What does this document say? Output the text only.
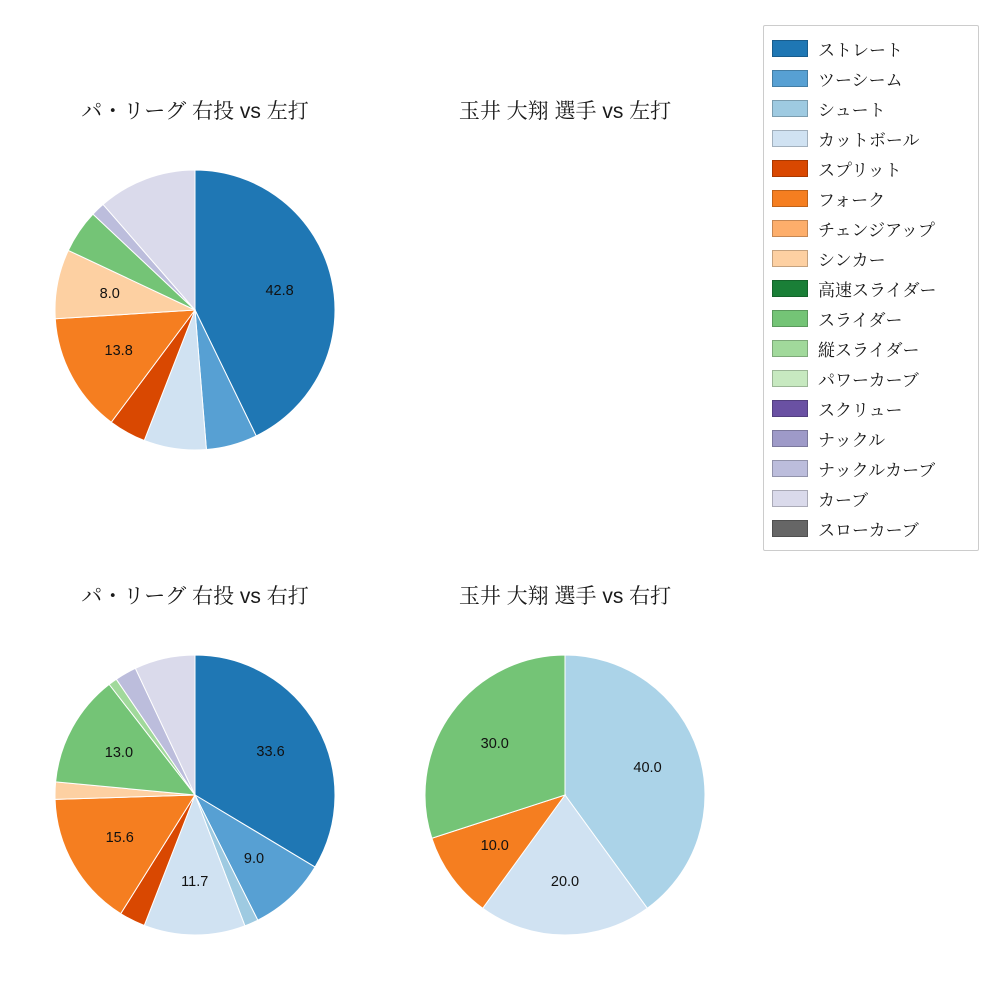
ストレート
ツーシーム
シュート
カットボール
スプリット
フォーク
チェンジアップ
シンカー
高速スライダー
スライダー
縦スライダー
パワーカーブ
スクリュー
ナックル
ナックルカーブ
カーブ
スローカーブ
パ・リーグ 右投 vs 左打
42.8
13.8
8.0
玉井 大翔 選手 vs 左打
パ・リーグ 右投 vs 右打
33.6
9.0
11.7
15.6
13.0
玉井 大翔 選手 vs 右打
40.0
20.0
10.0
30.0
